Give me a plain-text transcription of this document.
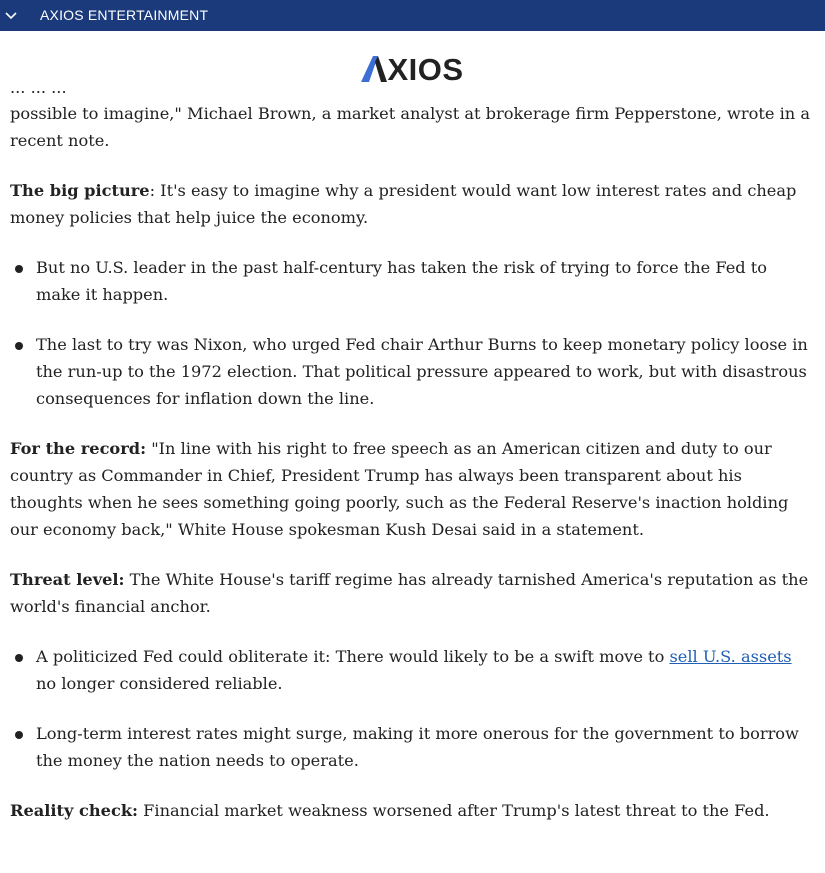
AXIOS ENTERTAINMENT
XIOS
... ... ...

possible to imagine," Michael Brown, a market analyst at brokerage firm Pepperstone, wrote in a recent note.

The big picture: It's easy to imagine why a president would want low interest rates and cheap money policies that help juice the economy.

But no U.S. leader in the past half-century has taken the risk of trying to force the Fed to make it happen.
The last to try was Nixon, who urged Fed chair Arthur Burns to keep monetary policy loose in the run-up to the 1972 election. That political pressure appeared to work, but with disastrous consequences for inflation down the line.

For the record: "In line with his right to free speech as an American citizen and duty to our country as Commander in Chief, President Trump has always been transparent about his thoughts when he sees something going poorly, such as the Federal Reserve's inaction holding our economy back," White House spokesman Kush Desai said in a statement.

Threat level: The White House's tariff regime has already tarnished America's reputation as the world's financial anchor.

A politicized Fed could obliterate it: There would likely to be a swift move to sell U.S. assets no longer considered reliable.
Long-term interest rates might surge, making it more onerous for the government to borrow the money the nation needs to operate.

Reality check: Financial market weakness worsened after Trump's latest threat to the Fed.
